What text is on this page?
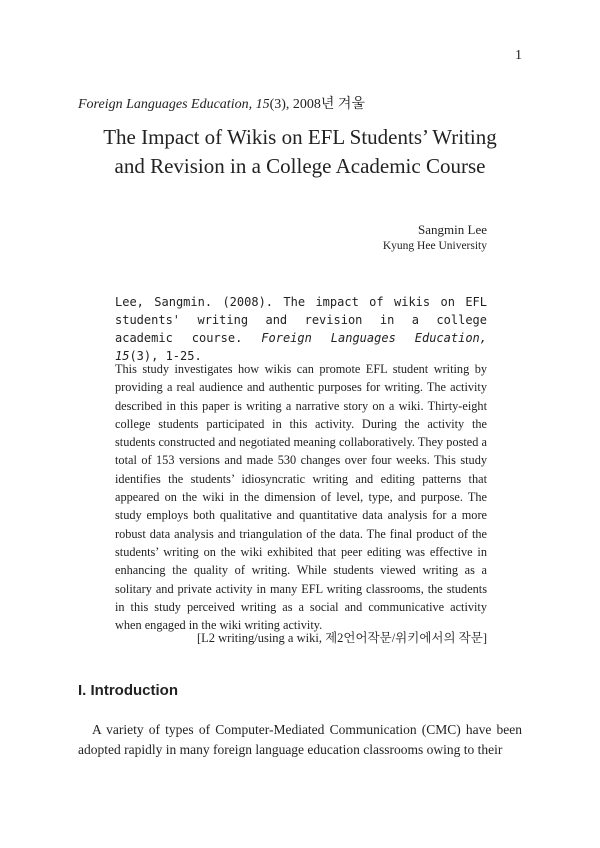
1
Foreign Languages Education, 15(3), 2008년 겨울
The Impact of Wikis on EFL Students’ Writing
and Revision in a College Academic Course
Sangmin Lee
Kyung Hee University
Lee, Sangmin. (2008). The impact of wikis on EFL students' writing and revision in a college academic course. Foreign Languages Education, 15(3), 1-25.

This study investigates how wikis can promote EFL student writing by providing a real audience and authentic purposes for writing. The activity described in this paper is writing a narrative story on a wiki. Thirty-eight college students participated in this activity. During the activity the students constructed and negotiated meaning collaboratively. They posted a total of 153 versions and made 530 changes over four weeks. This study identifies the students’ idiosyncratic writing and editing patterns that appeared on the wiki in the dimension of level, type, and purpose. The study employs both qualitative and quantitative data analysis for a more robust data analysis and triangulation of the data. The final product of the students’ writing on the wiki exhibited that peer editing was effective in enhancing the quality of writing. While students viewed writing as a solitary and private activity in many EFL writing classrooms, the students in this study perceived writing as a social and communicative activity when engaged in the wiki writing activity.

[L2 writing/using a wiki, 제2언어작문/위키에서의 작문]
I. Introduction

A variety of types of Computer-Mediated Communication (CMC) have been adopted rapidly in many foreign language education classrooms owing to their
